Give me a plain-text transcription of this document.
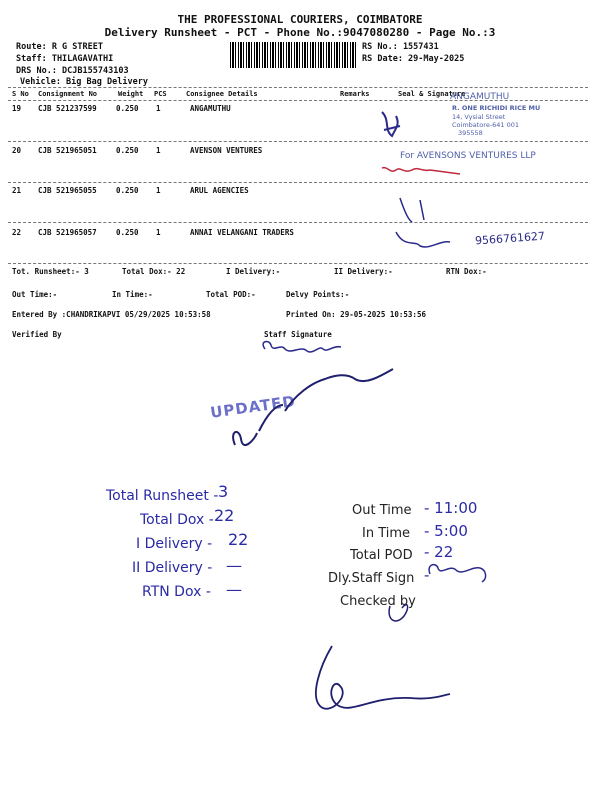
THE PROFESSIONAL COURIERS, COIMBATORE
Delivery Runsheet - PCT - Phone No.:9047080280 - Page No.:3
Route: R G STREET
Staff: THILAGAVATHI
DRS No.: DCJB155743103
Vehicle: Big Bag Delivery
RS No.: 1557431
RS Date: 29-May-2025
S No Consignment No	Weight PCS	Consignee Details	Remarks	Seal & Signature
19 CJB 521237599	0.250 1	ANGAMUTHU
20 CJB 521965051	0.250 1	AVENSON VENTURES
21 CJB 521965055	0.250 1	ARUL AGENCIES
22 CJB 521965057	0.250 1	ANNAI VELANGANI TRADERS
ANGAMUTHU
R. ONE RICHIDI RICE MU
14, Vysial Street
Coimbatore-641 001
395558
For AVENSONS VENTURES LLP
9566761627
Tot. Runsheet:- 3	Total Dox:- 22	I Delivery:-	II Delivery:-	RTN Dox:-
Out Time:-	In Time:-	Total POD:-	Delvy Points:-
Entered By :CHANDRIKAPVI 05/29/2025 10:53:58	Printed On: 29-05-2025 10:53:56
Verified By	Staff Signature
UPDATED
Total Runsheet - 3
Total Dox - 22
I Delivery - 22
II Delivery - —
RTN Dox - —
Out Time - 11:00
In Time - 5:00
Total POD - 22
Dly.Staff Sign -
Checked by
